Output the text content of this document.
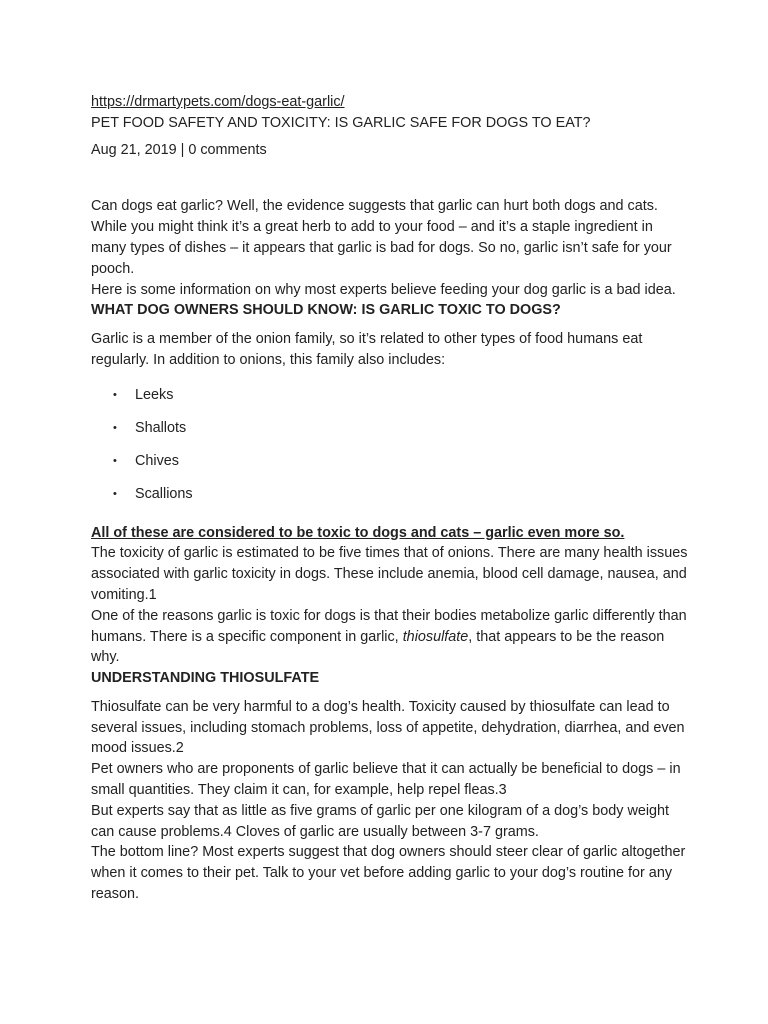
https://drmartypets.com/dogs-eat-garlic/

PET FOOD SAFETY AND TOXICITY: IS GARLIC SAFE FOR DOGS TO EAT?

Aug 21, 2019 | 0 comments

Can dogs eat garlic? Well, the evidence suggests that garlic can hurt both dogs and cats. While you might think it’s a great herb to add to your food – and it’s a staple ingredient in many types of dishes – it appears that garlic is bad for dogs. So no, garlic isn’t safe for your pooch.

Here is some information on why most experts believe feeding your dog garlic is a bad idea.

WHAT DOG OWNERS SHOULD KNOW: IS GARLIC TOXIC TO DOGS?

Garlic is a member of the onion family, so it’s related to other types of food humans eat regularly. In addition to onions, this family also includes:

• Leeks
• Shallots
• Chives
• Scallions

All of these are considered to be toxic to dogs and cats – garlic even more so.

The toxicity of garlic is estimated to be five times that of onions. There are many health issues associated with garlic toxicity in dogs. These include anemia, blood cell damage, nausea, and vomiting.1

One of the reasons garlic is toxic for dogs is that their bodies metabolize garlic differently than humans. There is a specific component in garlic, thiosulfate, that appears to be the reason why.

UNDERSTANDING THIOSULFATE

Thiosulfate can be very harmful to a dog’s health. Toxicity caused by thiosulfate can lead to several issues, including stomach problems, loss of appetite, dehydration, diarrhea, and even mood issues.2

Pet owners who are proponents of garlic believe that it can actually be beneficial to dogs – in small quantities. They claim it can, for example, help repel fleas.3

But experts say that as little as five grams of garlic per one kilogram of a dog’s body weight can cause problems.4 Cloves of garlic are usually between 3-7 grams.

The bottom line? Most experts suggest that dog owners should steer clear of garlic altogether when it comes to their pet. Talk to your vet before adding garlic to your dog’s routine for any reason.
